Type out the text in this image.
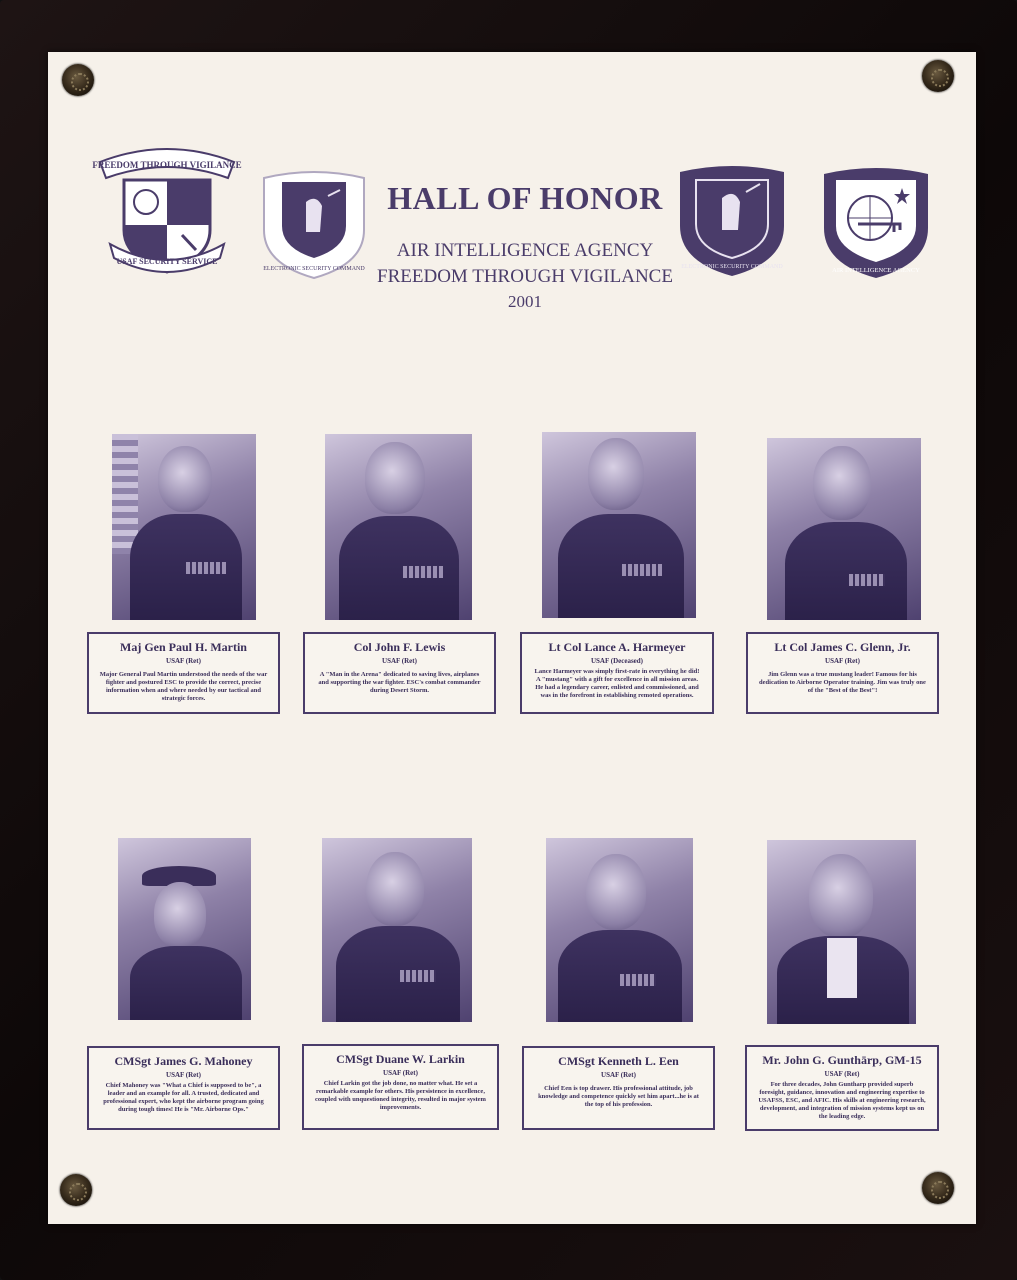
FREEDOM THROUGH VIGILANCE
USAF SECURITY SERVICE
ELECTRONIC SECURITY COMMAND
HALL OF HONOR
AIR INTELLIGENCE AGENCY
FREEDOM THROUGH VIGILANCE
2001
ELECTRONIC SECURITY COMMAND	AIR INTELLIGENCE AGENCY
Maj Gen Paul H. Martin
USAF (Ret)
Major General Paul Martin understood the needs of the war fighter and postured ESC to provide the correct, precise information when and where needed by our tactical and strategic forces.
Col John F. Lewis
USAF (Ret)
A "Man in the Arena" dedicated to saving lives, airplanes and supporting the war fighter. ESC's combat commander during Desert Storm.
Lt Col Lance A. Harmeyer
USAF (Deceased)
Lance Harmeyer was simply first-rate in everything he did! A "mustang" with a gift for excellence in all mission areas. He had a legendary career, enlisted and commissioned, and was in the forefront in establishing remoted operations.
Lt Col James C. Glenn, Jr.
USAF (Ret)
Jim Glenn was a true mustang leader! Famous for his dedication to Airborne Operator training. Jim was truly one of the "Best of the Best"!
CMSgt James G. Mahoney
USAF (Ret)
Chief Mahoney was "What a Chief is supposed to be", a leader and an example for all. A trusted, dedicated and professional expert, who kept the airborne program going during tough times! He is "Mr. Airborne Ops."
CMSgt Duane W. Larkin
USAF (Ret)
Chief Larkin got the job done, no matter what. He set a remarkable example for others. His persistence in excellence, coupled with unquestioned integrity, resulted in major system improvements.
CMSgt Kenneth L. Een
USAF (Ret)
Chief Een is top drawer. His professional attitude, job knowledge and competence quickly set him apart...he is at the top of his profession.
Mr. John G. Gunthārp, GM-15
USAF (Ret)
For three decades, John Guntharp provided superb foresight, guidance, innovation and engineering expertise to USAFSS, ESC, and AFIC. His skills at engineering research, development, and integration of mission systems kept us on the leading edge.
